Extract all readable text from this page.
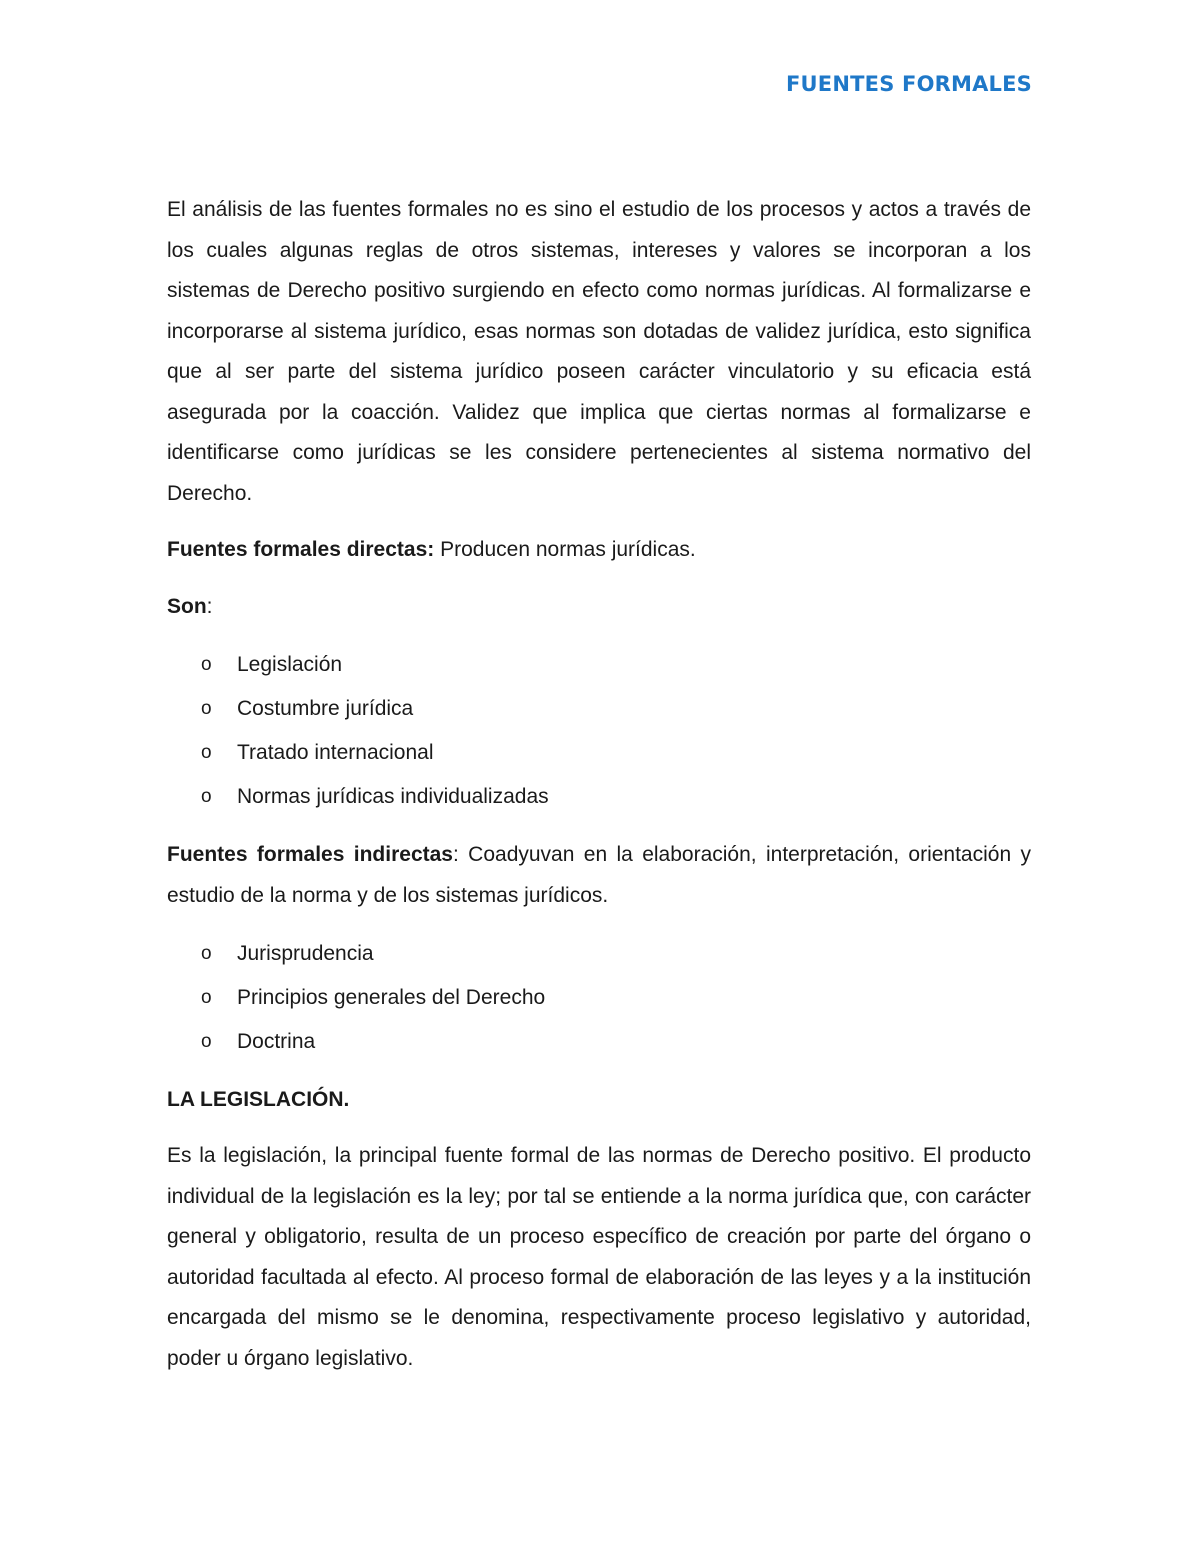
FUENTES FORMALES

El análisis de las fuentes formales no es sino el estudio de los procesos y actos a través de los cuales algunas reglas de otros sistemas, intereses y valores se incorporan a los sistemas de Derecho positivo surgiendo en efecto como normas jurídicas. Al formalizarse e incorporarse al sistema jurídico, esas normas son dotadas de validez jurídica, esto significa que al ser parte del sistema jurídico poseen carácter vinculatorio y su eficacia está asegurada por la coacción. Validez que implica que ciertas normas al formalizarse e identificarse como jurídicas se les considere pertenecientes al sistema normativo del Derecho.

Fuentes formales directas: Producen normas jurídicas.

Son:

o Legislación
o Costumbre jurídica
o Tratado internacional
o Normas jurídicas individualizadas

Fuentes formales indirectas: Coadyuvan en la elaboración, interpretación, orientación y estudio de la norma y de los sistemas jurídicos.

o Jurisprudencia
o Principios generales del Derecho
o Doctrina

LA LEGISLACIÓN.

Es la legislación, la principal fuente formal de las normas de Derecho positivo. El producto individual de la legislación es la ley; por tal se entiende a la norma jurídica que, con carácter general y obligatorio, resulta de un proceso específico de creación por parte del órgano o autoridad facultada al efecto. Al proceso formal de elaboración de las leyes y a la institución encargada del mismo se le denomina, respectivamente proceso legislativo y autoridad, poder u órgano legislativo.
